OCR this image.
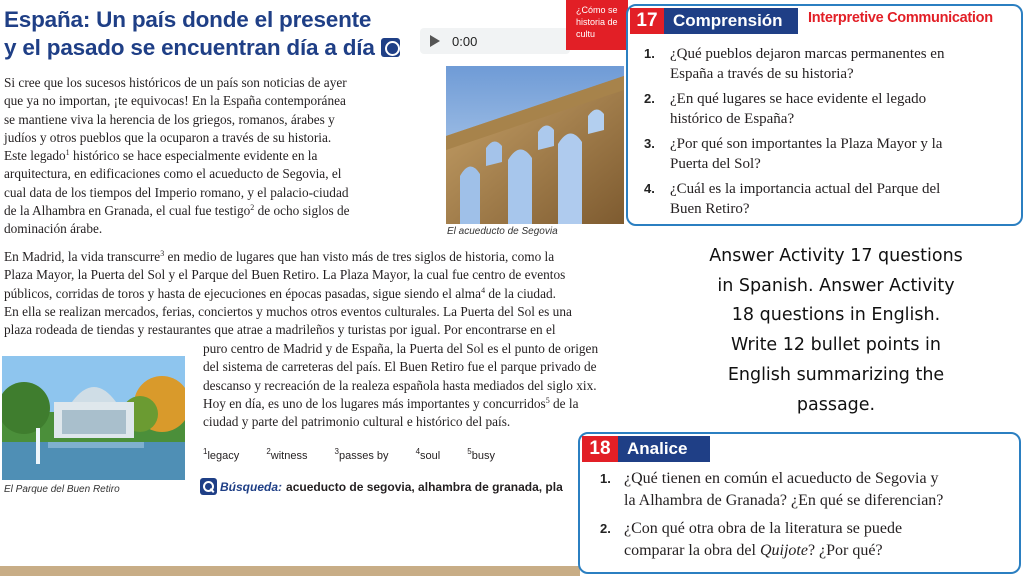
España: Un país donde el presente
y el pasado se encuentran día a día	0:00
¿Cómo se
historia de
cultu
Si cree que los sucesos históricos de un país son noticias de ayer
que ya no importan, ¡te equivocas! En la España contemporánea
se mantiene viva la herencia de los griegos, romanos, árabes y
judíos y otros pueblos que la ocuparon a través de su historia.
Este legado$^1$ histórico se hace especialmente evidente en la
arquitectura, en edificaciones como el acueducto de Segovia, el
cual data de los tiempos del Imperio romano, y el palacio-ciudad
de la Alhambra en Granada, el cual fue testigo$^2$ de ocho siglos de
dominación árabe.	El acueducto de Segovia
En Madrid, la vida transcurre$^3$ en medio de lugares que han visto más de tres siglos de historia, como la
Plaza Mayor, la Puerta del Sol y el Parque del Buen Retiro. La Plaza Mayor, la cual fue centro de eventos
públicos, corridas de toros y hasta de ejecuciones en épocas pasadas, sigue siendo el alma$^4$ de la ciudad.
En ella se realizan mercados, ferias, conciertos y muchos otros eventos culturales. La Puerta del Sol es una
plaza rodeada de tiendas y restaurantes que atrae a madrileños y turistas por igual. Por encontrarse en el
El Parque del Buen Retiro
puro centro de Madrid y de España, la Puerta del Sol es el punto de origen
del sistema de carreteras del país. El Buen Retiro fue el parque privado de
descanso y recreación de la realeza española hasta mediados del siglo xix.
Hoy en día, es uno de los lugares más importantes y concurridos$^5$ de la
ciudad y parte del patrimonio cultural e histórico del país.
$^1$legacy	$^2$witness	$^3$passes by	$^4$soul	$^5$busy
Búsqueda: acueducto de segovia, alhambra de granada, pla
17 Comprensión	Interpretive Communication
1. ¿Qué pueblos dejaron marcas permanentes en
España a través de su historia?
2. ¿En qué lugares se hace evidente el legado
histórico de España?
3. ¿Por qué son importantes la Plaza Mayor y la
Puerta del Sol?
4. ¿Cuál es la importancia actual del Parque del
Buen Retiro?
Answer Activity 17 questions
in Spanish. Answer Activity
18 questions in English.
Write 12 bullet points in
English summarizing the
passage.
18 Analice
1. ¿Qué tienen en común el acueducto de Segovia y
la Alhambra de Granada? ¿En qué se diferencian?
2. ¿Con qué otra obra de la literatura se puede
comparar la obra del Quijote? ¿Por qué?
